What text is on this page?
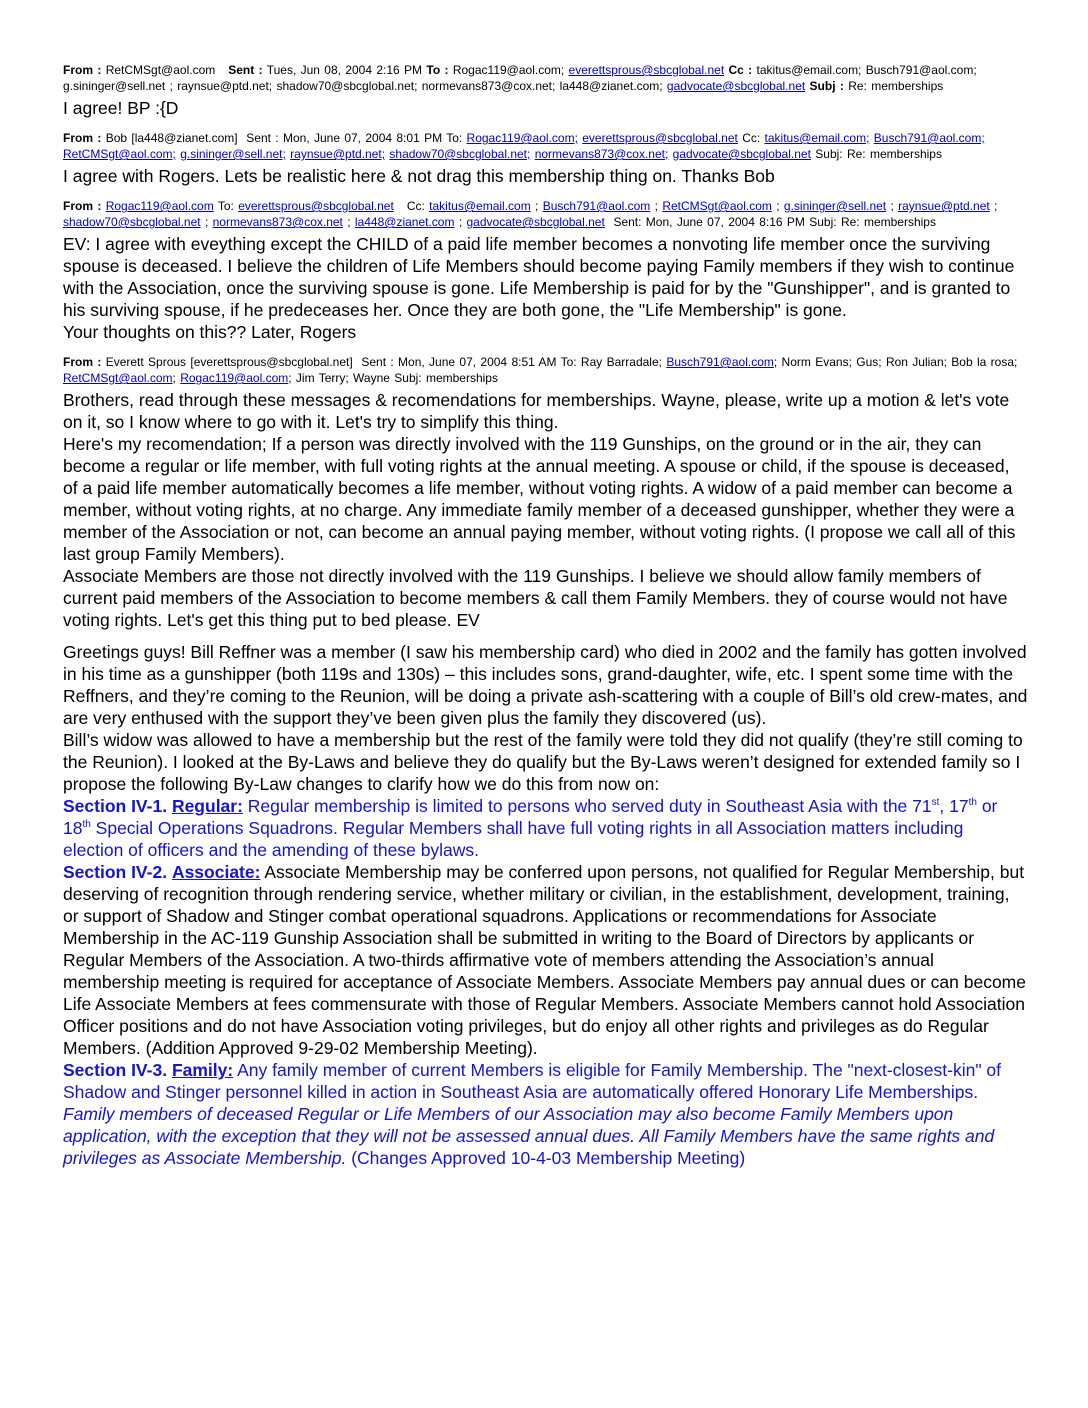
From : RetCMSgt@aol.com Sent : Tues, Jun 08, 2004 2:16 PM To : Rogac119@aol.com; everettsprous@sbcglobal.net Cc : takitus@email.com; Busch791@aol.com; g.sininger@sell.net ; raynsue@ptd.net; shadow70@sbcglobal.net; normevans873@cox.net; la448@zianet.com; gadvocate@sbcglobal.net Subj : Re: memberships

I agree! BP :{D

From : Bob [la448@zianet.com] Sent : Mon, June 07, 2004 8:01 PM To: Rogac119@aol.com; everettsprous@sbcglobal.net Cc: takitus@email.com; Busch791@aol.com; RetCMSgt@aol.com; g.sininger@sell.net; raynsue@ptd.net; shadow70@sbcglobal.net; normevans873@cox.net; gadvocate@sbcglobal.net Subj: Re: memberships

I agree with Rogers. Lets be realistic here & not drag this membership thing on. Thanks Bob

From : Rogac119@aol.com To: everettsprous@sbcglobal.net Cc: takitus@email.com ; Busch791@aol.com ; RetCMSgt@aol.com ; g.sininger@sell.net ; raynsue@ptd.net ; shadow70@sbcglobal.net ; normevans873@cox.net ; la448@zianet.com ; gadvocate@sbcglobal.net Sent: Mon, June 07, 2004 8:16 PM Subj: Re: memberships

EV: I agree with eveything except the CHILD of a paid life member becomes a nonvoting life member once the surviving spouse is deceased. I believe the children of Life Members should become paying Family members if they wish to continue with the Association, once the surviving spouse is gone. Life Membership is paid for by the "Gunshipper", and is granted to his surviving spouse, if he predeceases her. Once they are both gone, the "Life Membership" is gone.

Your thoughts on this?? Later, Rogers

From : Everett Sprous [everettsprous@sbcglobal.net] Sent : Mon, June 07, 2004 8:51 AM To: Ray Barradale; Busch791@aol.com; Norm Evans; Gus; Ron Julian; Bob la rosa; RetCMSgt@aol.com; Rogac119@aol.com; Jim Terry; Wayne Subj: memberships

Brothers, read through these messages & recomendations for memberships. Wayne, please, write up a motion & let's vote on it, so I know where to go with it. Let's try to simplify this thing.

Here's my recomendation; If a person was directly involved with the 119 Gunships, on the ground or in the air, they can become a regular or life member, with full voting rights at the annual meeting. A spouse or child, if the spouse is deceased, of a paid life member automatically becomes a life member, without voting rights. A widow of a paid member can become a member, without voting rights, at no charge. Any immediate family member of a deceased gunshipper, whether they were a member of the Association or not, can become an annual paying member, without voting rights. (I propose we call all of this last group Family Members).

Associate Members are those not directly involved with the 119 Gunships. I believe we should allow family members of current paid members of the Association to become members & call them Family Members. they of course would not have voting rights. Let's get this thing put to bed please. EV

Greetings guys! Bill Reffner was a member (I saw his membership card) who died in 2002 and the family has gotten involved in his time as a gunshipper (both 119s and 130s) – this includes sons, grand-daughter, wife, etc. I spent some time with the Reffners, and they’re coming to the Reunion, will be doing a private ash-scattering with a couple of Bill’s old crew-mates, and are very enthused with the support they’ve been given plus the family they discovered (us).

Bill’s widow was allowed to have a membership but the rest of the family were told they did not qualify (they’re still coming to the Reunion). I looked at the By-Laws and believe they do qualify but the By-Laws weren’t designed for extended family so I propose the following By-Law changes to clarify how we do this from now on:

Section IV-1. Regular: Regular membership is limited to persons who served duty in Southeast Asia with the 71st, 17th or 18th Special Operations Squadrons. Regular Members shall have full voting rights in all Association matters including election of officers and the amending of these bylaws.

Section IV-2. Associate: Associate Membership may be conferred upon persons, not qualified for Regular Membership, but deserving of recognition through rendering service, whether military or civilian, in the establishment, development, training, or support of Shadow and Stinger combat operational squadrons. Applications or recommendations for Associate Membership in the AC-119 Gunship Association shall be submitted in writing to the Board of Directors by applicants or Regular Members of the Association. A two-thirds affirmative vote of members attending the Association’s annual membership meeting is required for acceptance of Associate Members. Associate Members pay annual dues or can become Life Associate Members at fees commensurate with those of Regular Members. Associate Members cannot hold Association Officer positions and do not have Association voting privileges, but do enjoy all other rights and privileges as do Regular Members. (Addition Approved 9-29-02 Membership Meeting).

Section IV-3. Family: Any family member of current Members is eligible for Family Membership. The "next-closest-kin" of Shadow and Stinger personnel killed in action in Southeast Asia are automatically offered Honorary Life Memberships. Family members of deceased Regular or Life Members of our Association may also become Family Members upon application, with the exception that they will not be assessed annual dues. All Family Members have the same rights and privileges as Associate Membership. (Changes Approved 10-4-03 Membership Meeting)
